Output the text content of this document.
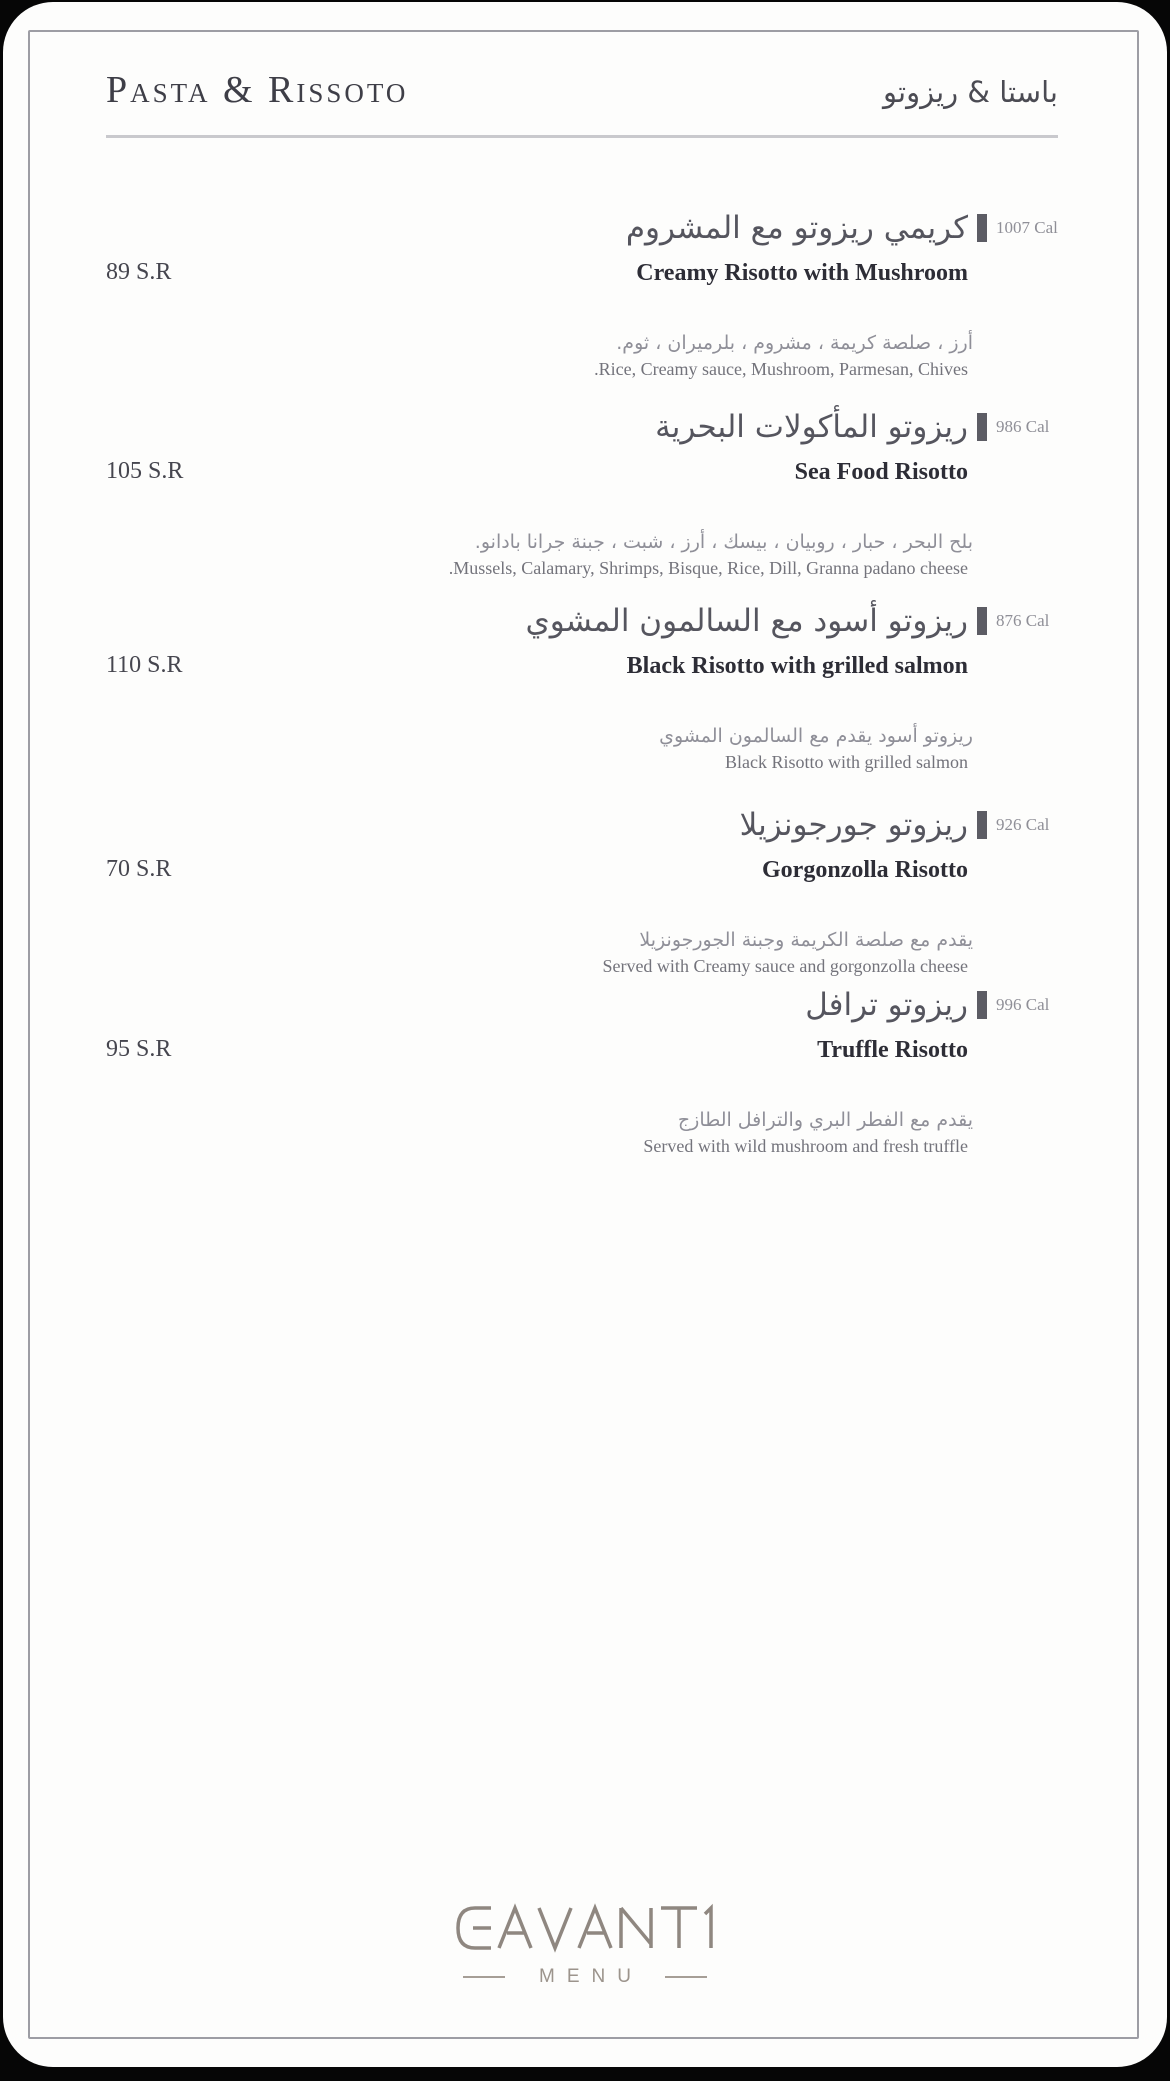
Pasta & Rissoto	باستا & ريزوتو
كريمي ريزوتو مع المشروم 1007 Cal
Creamy Risotto with Mushroom
89 S.R
أرز ، صلصة كريمة ، مشروم ، بلرميران ، ثوم.
.Rice, Creamy sauce, Mushroom, Parmesan, Chives
ريزوتو المأكولات البحرية 986 Cal
Sea Food Risotto
105 S.R
بلح البحر ، حبار ، روبيان ، بيسك ، أرز ، شبت ، جبنة جرانا بادانو.
.Mussels, Calamary, Shrimps, Bisque, Rice, Dill, Granna padano cheese
ريزوتو أسود مع السالمون المشوي 876 Cal
Black Risotto with grilled salmon
110 S.R
ريزوتو أسود يقدم مع السالمون المشوي
Black Risotto with grilled salmon
ريزوتو جورجونزيلا 926 Cal
Gorgonzolla Risotto
70 S.R
يقدم مع صلصة الكريمة وجبنة الجورجونزيلا
Served with Creamy sauce and gorgonzolla cheese
ريزوتو ترافل 996 Cal
Truffle Risotto
95 S.R
يقدم مع الفطر البري والترافل الطازج
Served with wild mushroom and fresh truffle
MENU
